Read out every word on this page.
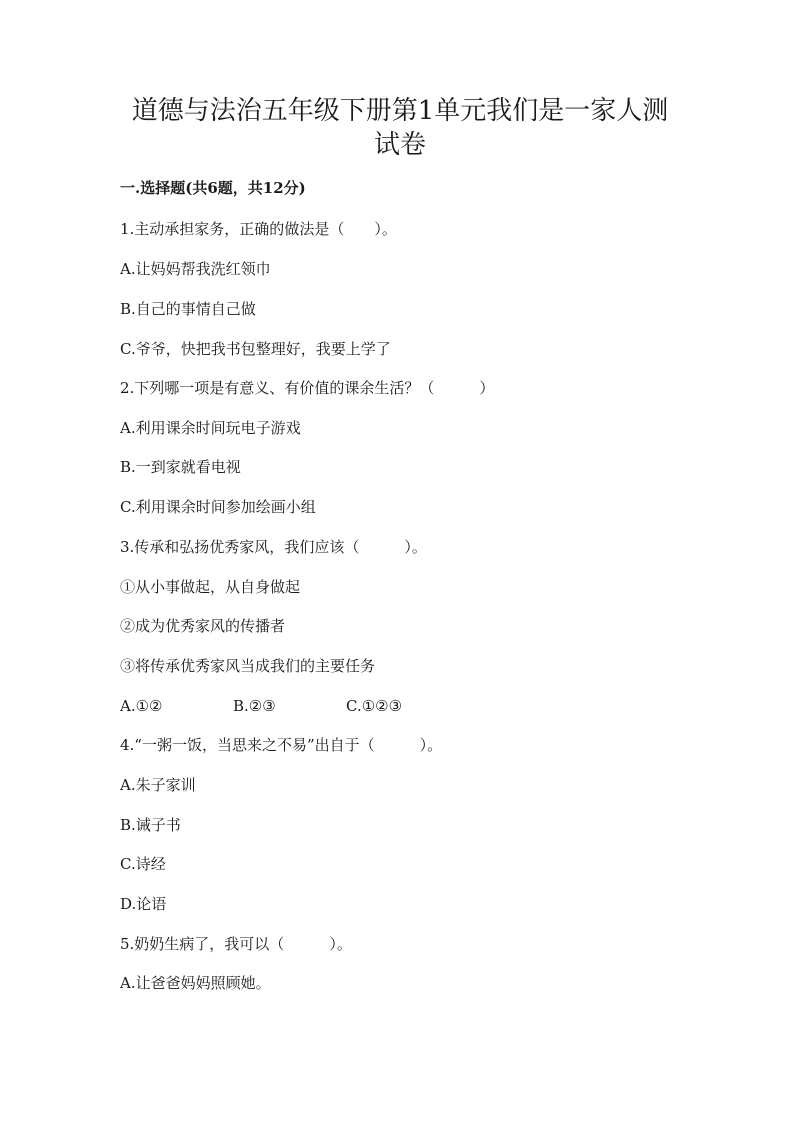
道德与法治五年级下册第1单元我们是一家人测试卷

一.选择题(共6题，共12分)

1.主动承担家务，正确的做法是（　　）。

A.让妈妈帮我洗红领巾

B.自己的事情自己做

C.爷爷，快把我书包整理好，我要上学了

2.下列哪一项是有意义、有价值的课余生活？（　　　）

A.利用课余时间玩电子游戏

B.一到家就看电视

C.利用课余时间参加绘画小组

3.传承和弘扬优秀家风，我们应该（　　　）。

①从小事做起，从自身做起

②成为优秀家风的传播者

③将传承优秀家风当成我们的主要任务

A.①②	B.②③	C.①②③

4.“一粥一饭，当思来之不易”出自于（　　　）。

A.朱子家训

B.诫子书

C.诗经

D.论语

5.奶奶生病了，我可以（　　　）。

A.让爸爸妈妈照顾她。
